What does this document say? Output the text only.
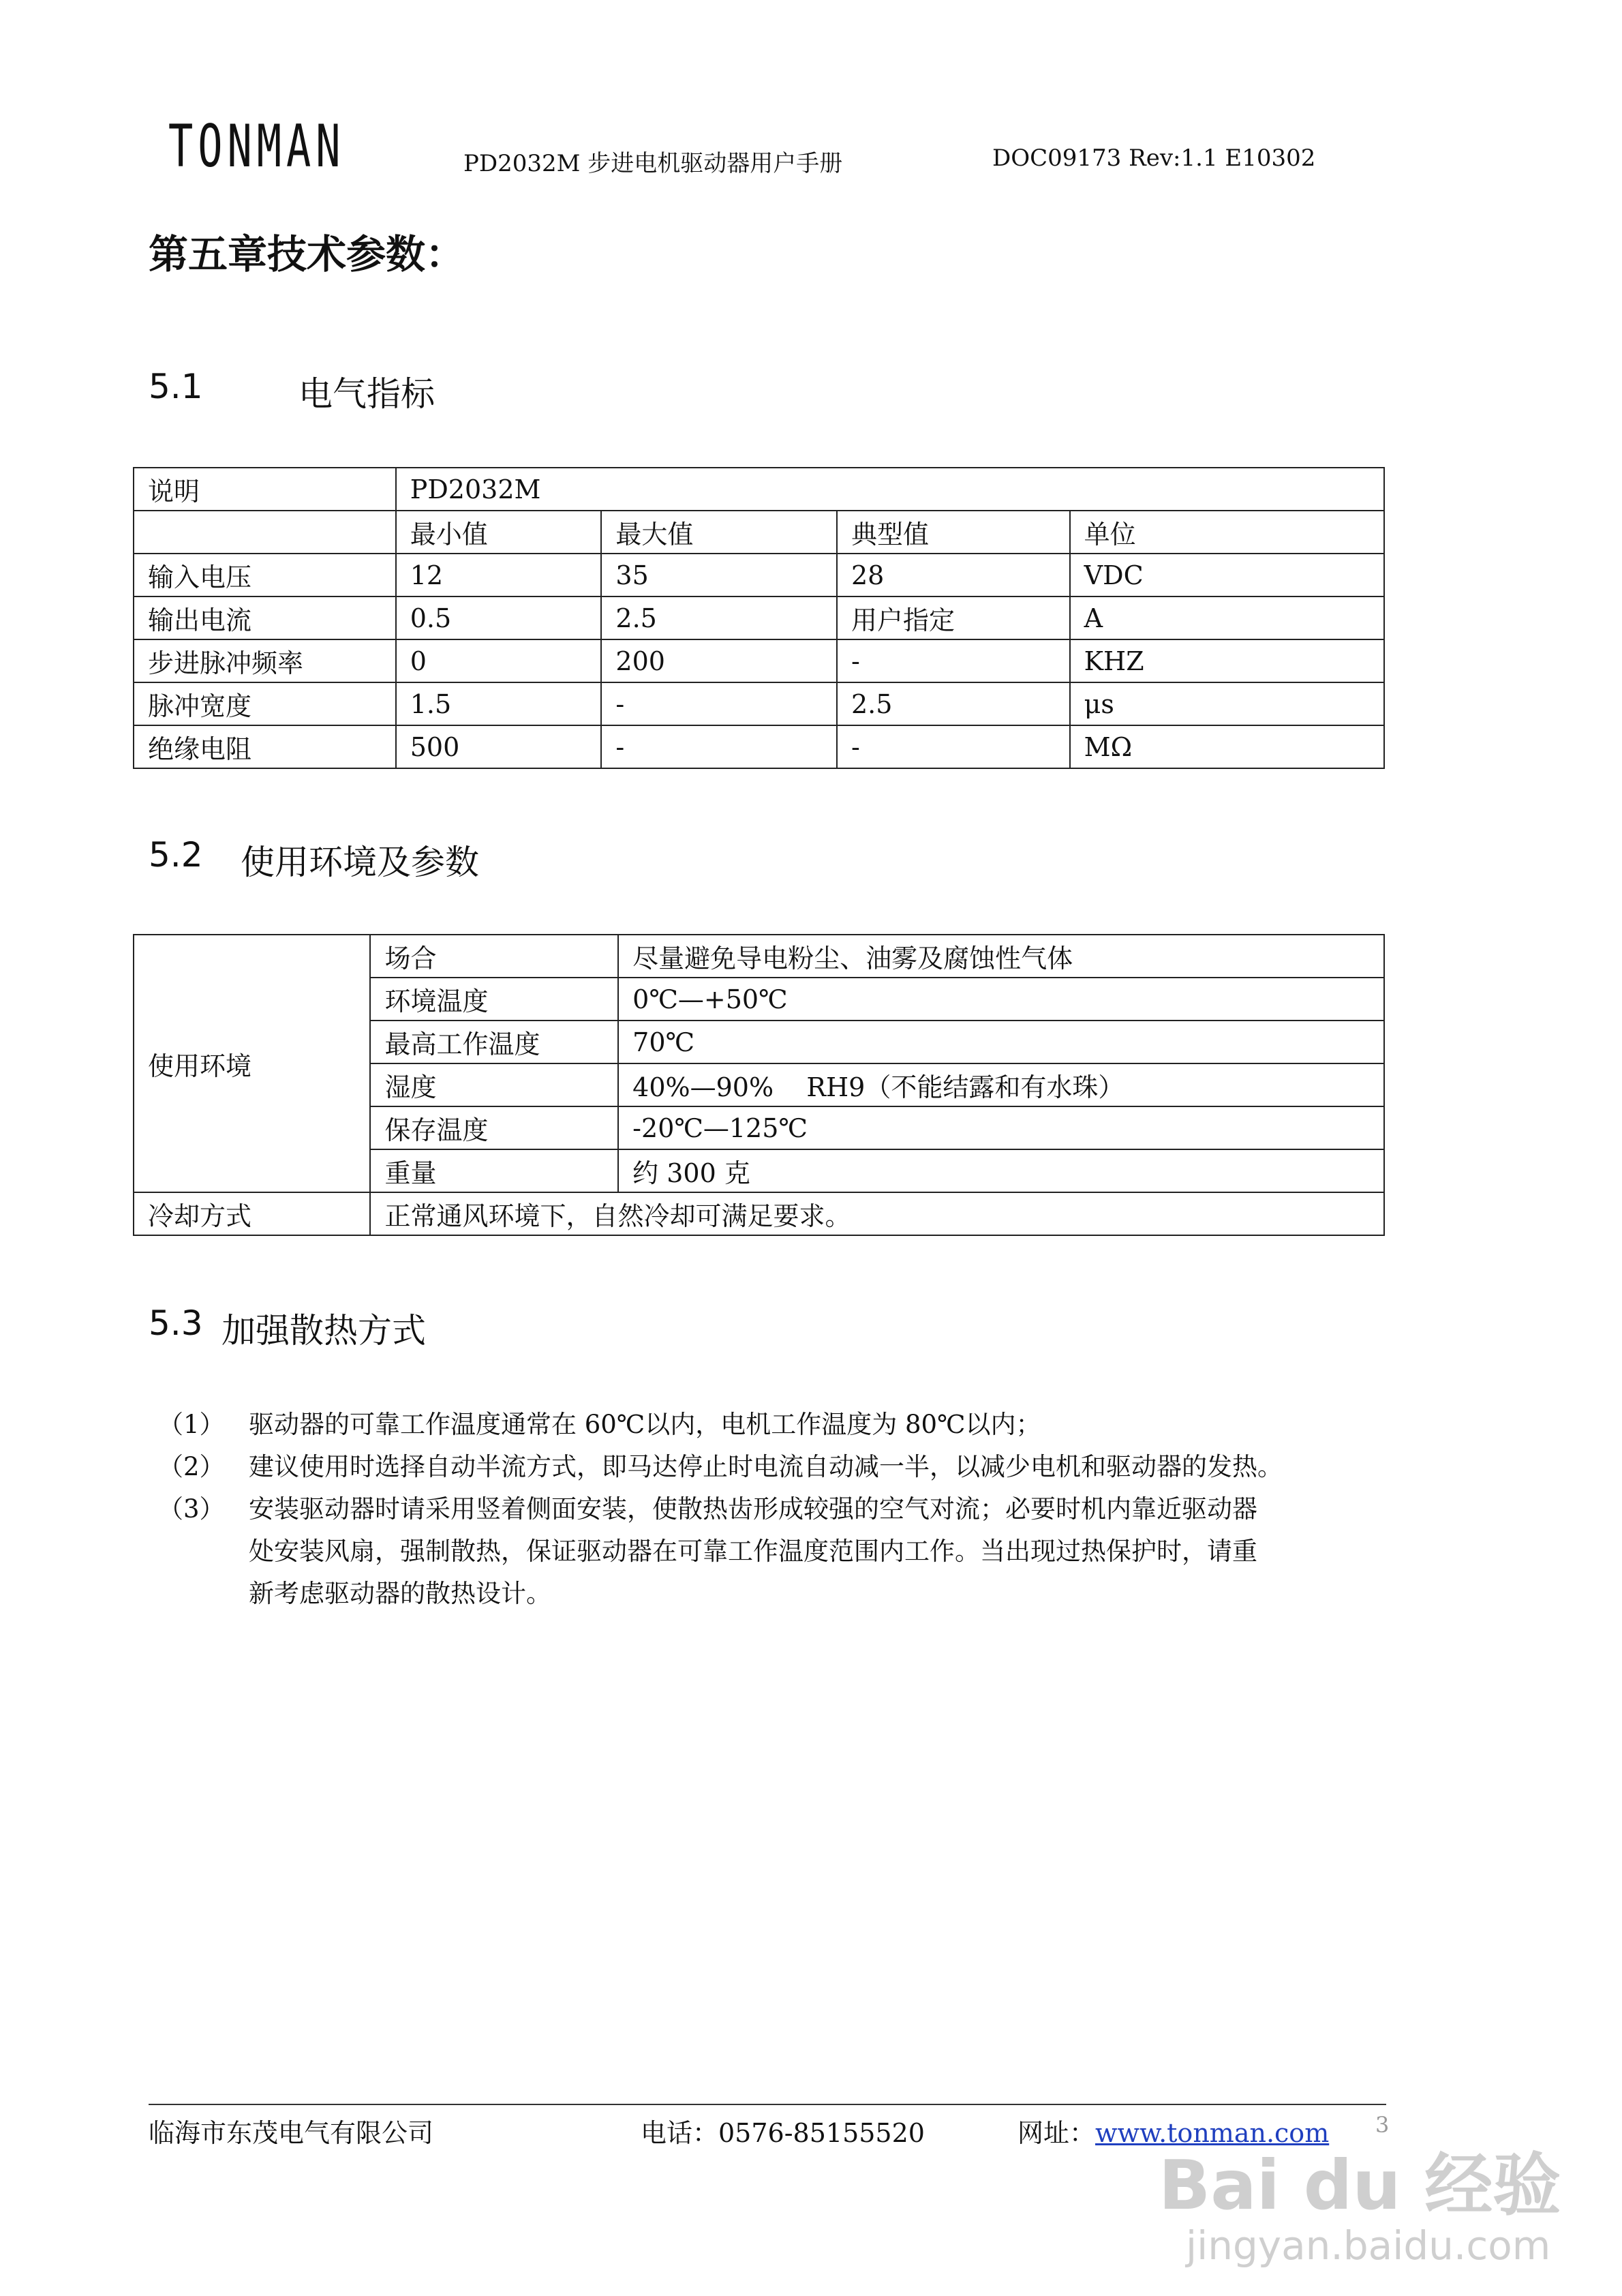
TONMAN	PD2032M 步进电机驱动器用户手册	DOC09173 Rev:1.1 E10302
第五章技术参数：
5.1	电气指标
说明	PD2032M			
	最小值	最大值	典型值	单位
输入电压	12	35	28	VDC
输出电流	0.5	2.5	用户指定	A
步进脉冲频率	0	200	-	KHZ
脉冲宽度	1.5	-	2.5	μs
绝缘电阻	500	-	-	MΩ
5.2 使用环境及参数
使用环境	场合	尽量避免导电粉尘、油雾及腐蚀性气体
	环境温度	0℃—+50℃
	最高工作温度	70℃
	湿度	40%—90%    RH9（不能结露和有水珠）
	保存温度	-20℃—125℃
	重量	约 300 克
冷却方式	正常通风环境下，自然冷却可满足要求。	
5.3 加强散热方式
（1） 驱动器的可靠工作温度通常在 60℃以内，电机工作温度为 80℃以内；
（2） 建议使用时选择自动半流方式，即马达停止时电流自动减一半，以减少电机和驱动器的发热。
（3） 安装驱动器时请采用竖着侧面安装，使散热齿形成较强的空气对流；必要时机内靠近驱动器
处安装风扇，强制散热，保证驱动器在可靠工作温度范围内工作。当出现过热保护时，请重
新考虑驱动器的散热设计。
临海市东茂电气有限公司	电话：0576-85155520	网址：www.tonman.com 3
Bai du 经验
jingyan.baidu.com
